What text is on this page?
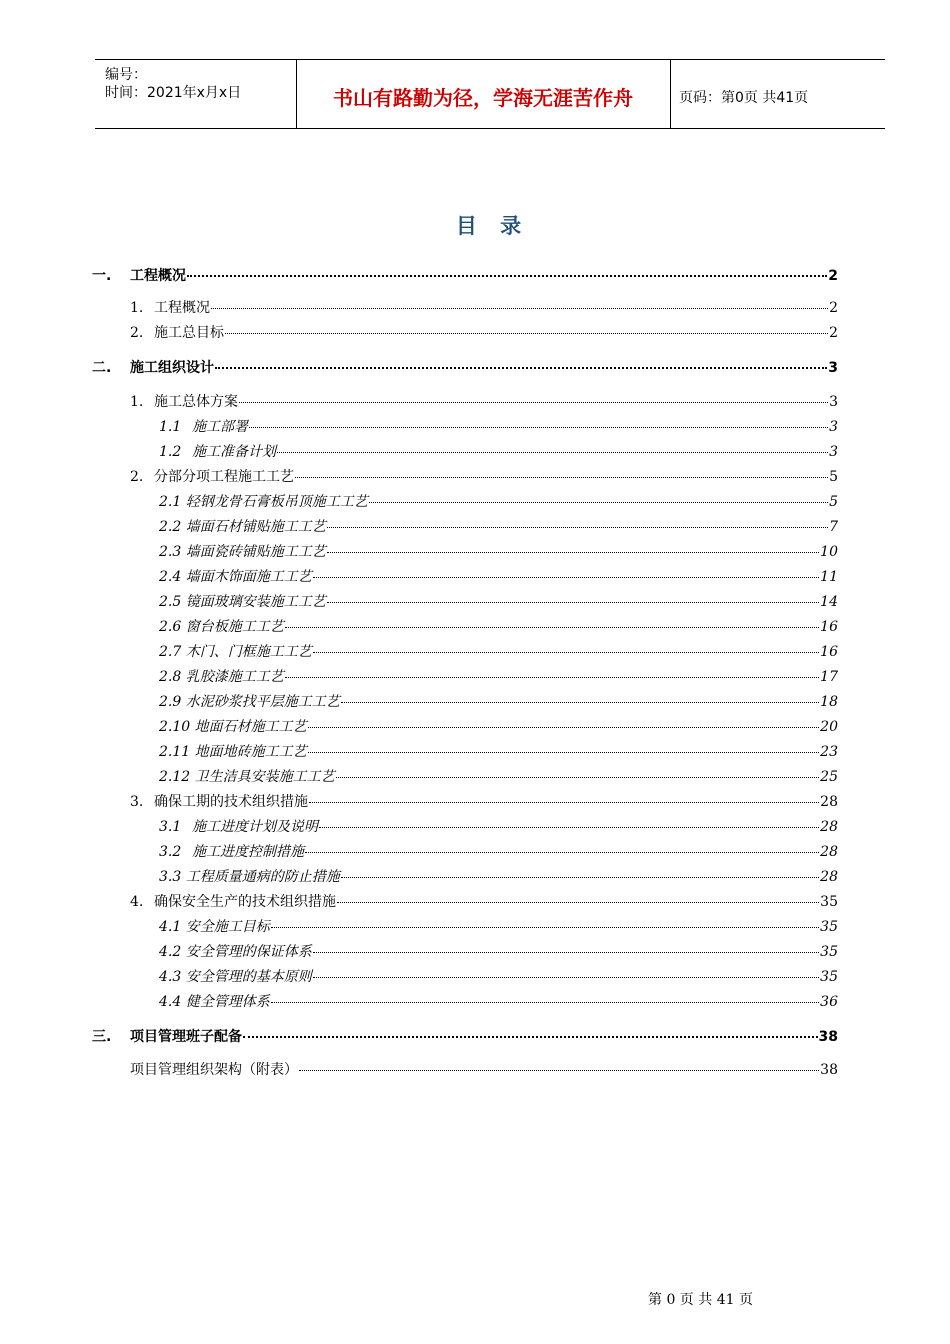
编号：
时间：2021年x月x日	书山有路勤为径，学海无涯苦作舟	页码：第0页 共41页
目 录
一.	工程概况	2
1. 工程概况	2
2. 施工总目标	2
二.	施工组织设计	3
1. 施工总体方案	3
1.1 施工部署	3
1.2 施工准备计划	3
2. 分部分项工程施工工艺	5
2.1 轻钢龙骨石膏板吊顶施工工艺	5
2.2 墙面石材铺贴施工工艺	7
2.3 墙面瓷砖铺贴施工工艺	10
2.4 墙面木饰面施工工艺	11
2.5 镜面玻璃安装施工工艺	14
2.6 窗台板施工工艺	16
2.7 木门、门框施工工艺	16
2.8 乳胶漆施工工艺	17
2.9 水泥砂浆找平层施工工艺	18
2.10 地面石材施工工艺	20
2.11 地面地砖施工工艺	23
2.12 卫生洁具安装施工工艺	25
3. 确保工期的技术组织措施	28
3.1 施工进度计划及说明	28
3.2 施工进度控制措施	28
3.3 工程质量通病的防止措施	28
4. 确保安全生产的技术组织措施	35
4.1 安全施工目标	35
4.2 安全管理的保证体系	35
4.3 安全管理的基本原则	35
4.4 健全管理体系	36
三.	项目管理班子配备	38
项目管理组织架构（附表）	38
第 0 页 共 41 页
